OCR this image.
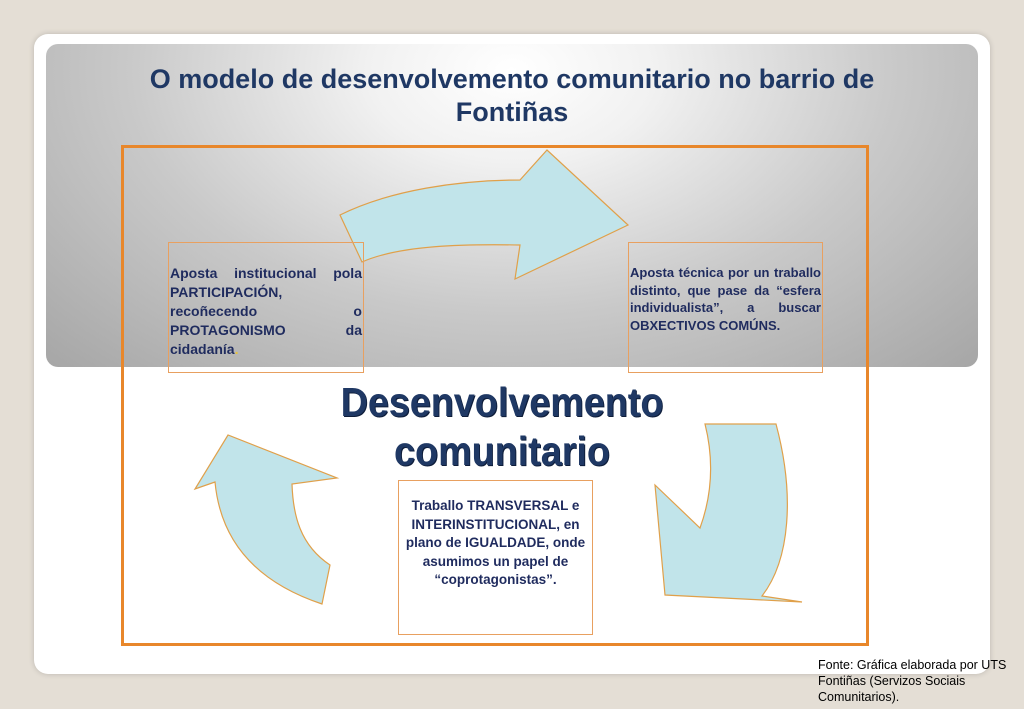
O modelo de desenvolvemento comunitario no barrio de Fontiñas
Aposta institucional pola PARTICIPACIÓN, recoñecendo o PROTAGONISMO da cidadanía.
Aposta técnica por un traballo distinto, que pase da “esfera individualista”, a buscar OBXECTIVOS COMÚNS.
Desenvolvemento comunitario
Traballo TRANSVERSAL e INTERINSTITUCIONAL, en plano de IGUALDADE, onde asumimos un papel de “coprotagonistas”.
Fonte: Gráfica elaborada por UTS Fontiñas (Servizos Sociais Comunitarios).
